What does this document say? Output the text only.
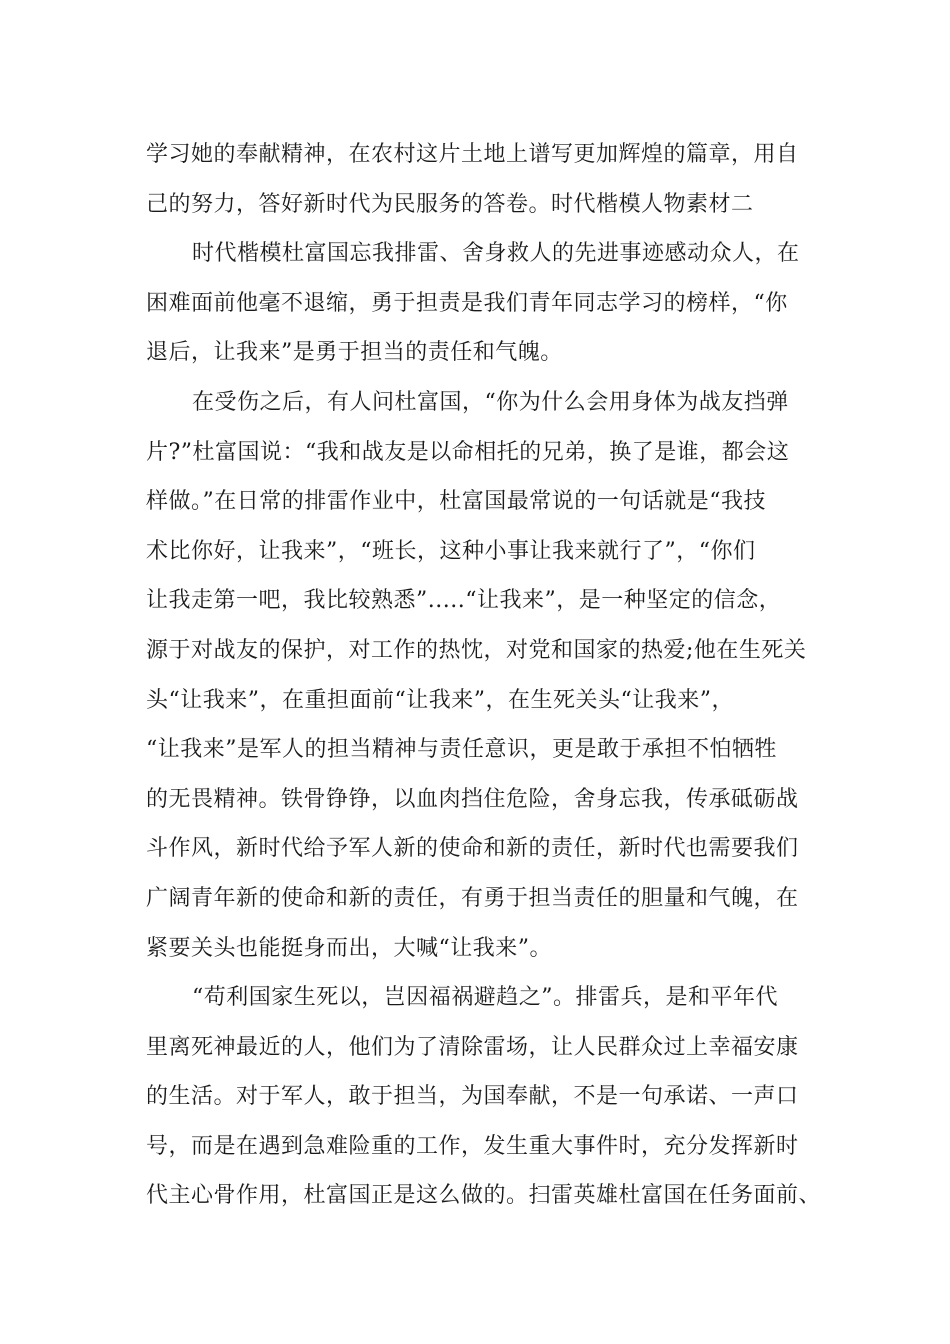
学习她的奉献精神，在农村这片土地上谱写更加辉煌的篇章，用自
己的努力，答好新时代为民服务的答卷。时代楷模人物素材二
时代楷模杜富国忘我排雷、舍身救人的先进事迹感动众人，在
困难面前他毫不退缩，勇于担责是我们青年同志学习的榜样，“你
退后，让我来”是勇于担当的责任和气魄。
在受伤之后，有人问杜富国，“你为什么会用身体为战友挡弹
片?”杜富国说：“我和战友是以命相托的兄弟，换了是谁，都会这
样做。”在日常的排雷作业中，杜富国最常说的一句话就是“我技
术比你好，让我来”，“班长，这种小事让我来就行了”，“你们
让我走第一吧，我比较熟悉”.....“让我来”，是一种坚定的信念，
源于对战友的保护，对工作的热忱，对党和国家的热爱;他在生死关
头“让我来”，在重担面前“让我来”，在生死关头“让我来”，
“让我来”是军人的担当精神与责任意识，更是敢于承担不怕牺牲
的无畏精神。铁骨铮铮，以血肉挡住危险，舍身忘我，传承砥砺战
斗作风，新时代给予军人新的使命和新的责任，新时代也需要我们
广阔青年新的使命和新的责任，有勇于担当责任的胆量和气魄，在
紧要关头也能挺身而出，大喊“让我来”。
“苟利国家生死以，岂因福祸避趋之”。排雷兵，是和平年代
里离死神最近的人，他们为了清除雷场，让人民群众过上幸福安康
的生活。对于军人，敢于担当，为国奉献，不是一句承诺、一声口
号，而是在遇到急难险重的工作，发生重大事件时，充分发挥新时
代主心骨作用，杜富国正是这么做的。扫雷英雄杜富国在任务面前、
